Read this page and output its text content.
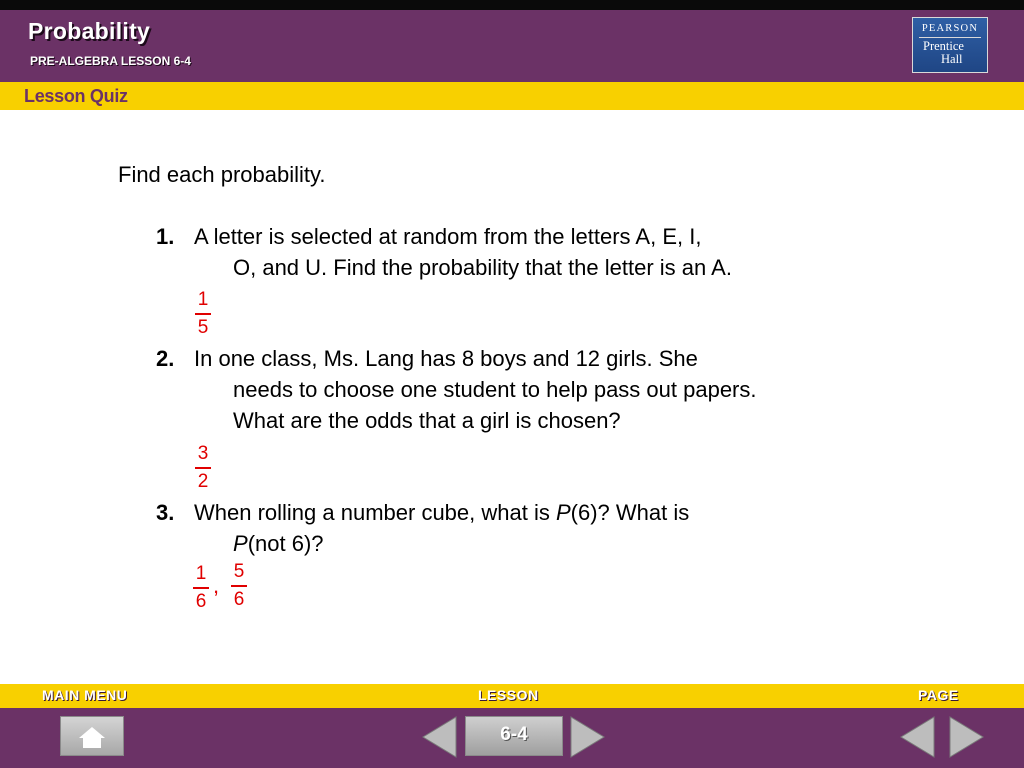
Probability
PRE-ALGEBRA LESSON 6-4
PEARSON
Prentice
Hall
Lesson Quiz
Find each probability.
1. A letter is selected at random from the letters A, E, I,
O, and U. Find the probability that the letter is an A.
1
5
2. In one class, Ms. Lang has 8 boys and 12 girls. She
needs to choose one student to help pass out papers.
What are the odds that a girl is chosen?
3
2
3. When rolling a number cube, what is P(6)? What is
P(not 6)?
1
6
,
5
6
MAIN MENU	LESSON	PAGE
6-4
